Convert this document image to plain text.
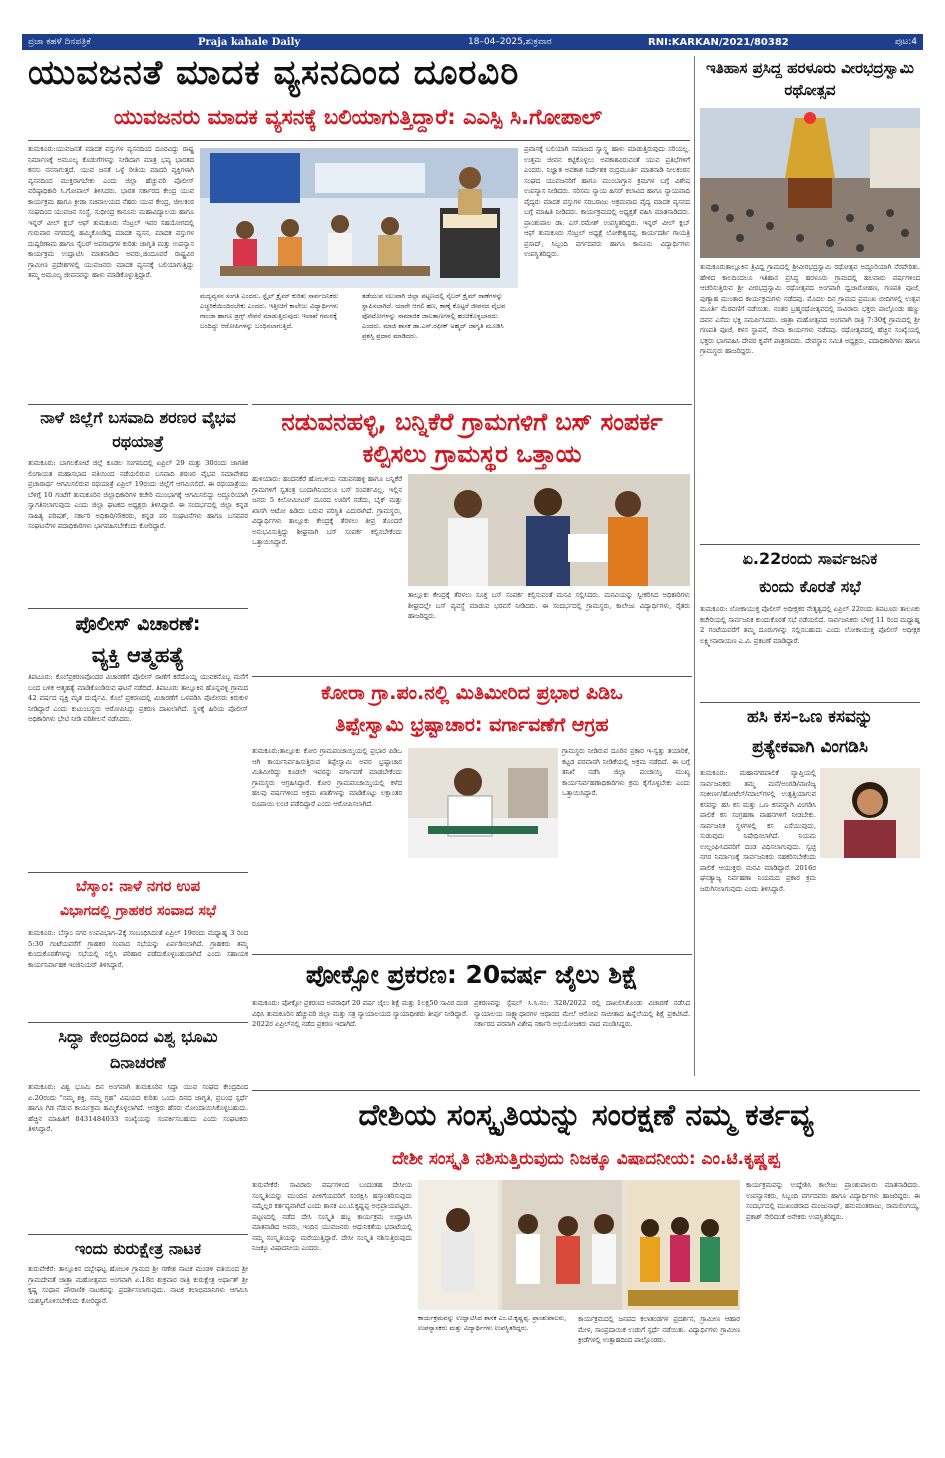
ಪ್ರಜಾ ಕಹಳೆ ದಿನಪತ್ರಿಕೆ	Praja kahale Daily	18–04–2025,ಶುಕ್ರವಾರ	RNI:KARKAN/2021/80382	ಪುಟ:4
ಯುವಜನತೆ ಮಾದಕ ವ್ಯಸನದಿಂದ ದೂರವಿರಿ
ಯುವಜನರು ಮಾದಕ ವ್ಯಸನಕ್ಕೆ ಬಲಿಯಾಗುತ್ತಿದ್ದಾರೆ: ಎಎಸ್ಪಿ ಸಿ.ಗೋಪಾಲ್
ತುಮಕೂರು:ಯುವಜನತೆ ಮಾದಕ ವಸ್ತುಗಳ ವ್ಯಸನದಿಂದ ದೂರವಿದ್ದು ರಾಷ್ಟ್ರ ನಿರ್ಮಾಣಕ್ಕೆ ಅಮೂಲ್ಯ ಕೊಡುಗೆಗಳನ್ನು ನೀಡಿದಾಗ ಮಾತ್ರ ಭವ್ಯ ಭಾರತದ ಕನಸು ನನಸಾಗುತ್ತದೆ. ಯುವ ಜನತೆ ಒಳ್ಳೆ ರೀತಿಯ ಮಾದರಿ ವ್ಯಕ್ತಿಗಳಾಗಿ ವ್ಯಸನದಿಂದ ಮುಕ್ತರಾಗಬೇಕು ಎಂದು ಜಿಲ್ಲಾ ಹೆಚ್ಚುವರಿ ಪೊಲೀಸ್ ವರಿಷ್ಠಾಧಿಕಾರಿ ಸಿ.ಗೋಪಾಲ್ ತಿಳಿಸಿದರು. ಭಾರತ ಸರ್ಕಾರದ ಕೇಂದ್ರ ಯುವ ಕಾರ್ಯಕ್ರಮ ಹಾಗೂ ಕ್ರೀಡಾ ಸಚಿವಾಲಯದ ನೆಹರು ಯುವ ಕೇಂದ್ರ, ಜೀಲಕಂಠ ಸಂಘದಿಂದ ಯುವಜನ ಸಂಸ್ಥೆ, ಸುಧೀಂದ್ರ ಕಾನೂನು ಮಹಾವಿದ್ಯಾಲಯ ಹಾಗೂ ಇನ್ನರ್ ವೀಲ್ ಕ್ಲಬ್ ಆಫ್ ತುಮಕೂರು ಸೆಂಟ್ರಲ್ ಇವರ ಸಹಯೋಗದಲ್ಲಿ ಗುರುವಾರ ನಗರದಲ್ಲಿ ಹಮ್ಮಿಕೊಂಡಿದ್ದ ಮಾದಕ ವ್ಯಸನ, ಮಾದಕ ವಸ್ತುಗಳ ದುಷ್ಪರಿಣಾಮ ಹಾಗೂ ಸೈಬರ್ ಅಪರಾಧಗಳ ಕುರಿತು ಜಾಗೃತಿ ಮತ್ತು ಉಪನ್ಯಾಸ ಕಾರ್ಯಕ್ರಮ ಉದ್ಘಾಟಿಸಿ ಮಾತನಾಡಿದ ಅವರು,ಜಿಂದೂವರೆ ರಾಷ್ಟ್ರವಿರ ಗ್ರಾಮೀಣ ಪ್ರದೇಶಗಳಲ್ಲಿ ಯುವಜನರು ಮಾದಕ ವ್ಯಸನಕ್ಕೆ ಬಲಿಯಾಗುತ್ತಿದ್ದು ತಮ್ಮ ಅಮೂಲ್ಯ ಜೀವನವನ್ನು ಹಾಳು ಮಾಡಿಕೊಳ್ಳುತ್ತಿದ್ದಾರೆ.
ಮದ್ಯವ್ಯಸನ ಸಂಗತಿ ಎಂದರು. ಸ್ಟೈಲ್ ಕ್ರೈಮ್ ಕುರಿತು ಸಾರ್ವಜನಿಕರು ಎಚ್ಚರಿಕೆಯಿಂದಿರಬೇಕು ಎಂದರು. ಇತ್ತೀಚಿಗೆ ಕಾಲೇಜು ವಿದ್ಯಾರ್ಥಿಗಳು ಗಾಂಜಾ ಹಾಗೂ ಡ್ರಗ್ಸ್ ಸೇವನೆ ಮಾಡುತ್ತಿರುವುದು ಇಲಾಖೆ ಗಮನಕ್ಕೆ ಬಂದಿದ್ದು ಆರೋಪಿಗಳನ್ನು ಬಂಧಿಸಲಾಗುತ್ತಿದೆ.
ತಡೆಯುವ ಸಲುವಾಗಿ ಜಿಲ್ಲಾ ಪಟ್ಟಣದಲ್ಲಿ ಸೈಬರ್ ಕ್ರೈಮ್ ಠಾಣೆಗಳನ್ನು ಸ್ಥಾಪಿಸಲಾಗಿದೆ. ಯಾರೇ ಆಗಲಿ ಹಣ, ಕಾಣ್ಕೆ ಕೊಟ್ಟರೆ ಜೀವನದ ವೈಭವ ಫೋಟೋಗಳನ್ನು ಸಾಮಾಜಿಕ ಜಾಲತಾಣಗಳಲ್ಲಿ ಹಂಚಿಕೊಳ್ಳಬಾರದು ಎಂದರು. ಮಾಜಿ ಶಾಸಕ ಡಾ.ಎಸ್.ರಫೀಕ್ ಅಹ್ಮದ್ ಜಾಗೃತಿ ಮೂಡಿಸಿ ಪ್ರಶಸ್ತಿ ಪ್ರದಾನ ಮಾಡಿದರು.
ಪ್ರವಾಸಕ್ಕೆ ಬಲಿಯಾಗಿ ಸಮಾಜದ ಸ್ವಾಸ್ಥ್ಯ ಹಾಳು ಮಾಡುತ್ತಿರುವುದು ಸರಿಯಲ್ಲ. ಉತ್ತಮ ಜೀವನ ಕಟ್ಟಿಕೊಳ್ಳಲು ಅವಕಾಶವಿರುವಂತೆ ಯುವ ಪ್ರತಿಭೆಗಳಿಗೆ ಎಂದರು. ನಿಜ್ಞಾತ ಅವಕಾಶ ನಿರ್ದೇಶಕ ರುದ್ರಮೂರ್ತಿ ಮಾತನಾಡಿ ನೀಲಕಂಠನ ಸಂಘದ ಯುವಜನರಿಗೆ ಹಾಗೂ ಮುಂಬಾಗ್ತಾನ ಕ್ರಮಗಳ ಬಗ್ಗೆ ವಿಶೇಷ ಉಪನ್ಯಾಸ ನೀಡಿದರು. ಸರಿಸಮ ನ್ಯಾಯ ಹಿಸರ್ ಕಲಾವಿದ ಹಾಗೂ ನ್ಯಾಯವಾದಿ ವೈದ್ಯರು ಮಾದಕ ವಸ್ತುಗಳ ಸರಬರಾಜು ಅಕ್ರಮವಾದ ವೈದ್ಯ ಮಾದಕ ವ್ಯಸನದ ಬಗ್ಗೆ ಮಾಹಿತಿ ನೀಡಿದರು. ಕಾರ್ಯಕ್ರಮದಲ್ಲಿ ಅಧ್ಯಕ್ಷತೆ ವಹಿಸಿ ಮಾತನಾಡಿದರು. ಪ್ರಾಂಶುಪಾಲ ಡಾ. ಎಸ್.ರಮೇಶ್ ಉಪಸ್ಥಿತರಿದ್ದರು. ಇನ್ನರ್ ವೀಲ್ ಕ್ಲಬ್ ಆಫ್ ತುಮಕೂರು ಸೆಂಟ್ರಲ್ ಅಧ್ಯಕ್ಷೆ ಲೋಕೇಶ್ವರಪ್ಪ, ಕಾರ್ಯದರ್ಶಿ ಗಾಯತ್ರಿ ಪ್ರಸಾದ್, ಸಿಬ್ಬಂದಿ ವರ್ಗದವರು ಹಾಗೂ ಕಾನೂನು ವಿದ್ಯಾರ್ಥಿಗಳು ಉಪಸ್ಥಿತರಿದ್ದರು.
ಇತಿಹಾಸ ಪ್ರಸಿದ್ದ ಹರಳೂರು ವೀರಭದ್ರಸ್ವಾಮಿ ರಥೋತ್ಸವ
ತುಮಕೂರುತಾಲ್ಲೂಕಿನ ತ್ರಿವಿಧ್ದ ಗ್ರಾಮದಲ್ಲಿ ಶ್ರೀವೀರಭದ್ರಸ್ವಾಮಿ ರಥೋತ್ಸವ ಅದ್ದೂರಿಯಾಗಿ ನೆರವೇರಿತು. ಹೇಳಿದ ಕಾಲದಿಂದಲೂ ಇತಿಹಾಸ ಪ್ರಸಿದ್ಧ ಹರಳೂರು ಗ್ರಾಮದಲ್ಲಿ ಹಲವಾರು ವರ್ಷಗಳಿಂದ ಆಚರಿಸುತ್ತಿರುವ ಶ್ರೀ ವೀರಭದ್ರಸ್ವಾಮಿ ರಥೋತ್ಸವದ ಅಂಗವಾಗಿ ಧ್ವಜಾರೋಹಣ, ಗಣಪತಿ ಪೂಜೆ, ಪುಣ್ಯಾಹ ಮುಂತಾದ ಕಾರ್ಯಕ್ರಮಗಳು ನಡೆದವು. ಮೊದಲ ದಿನ ಗ್ರಾಮದ ಪ್ರಮುಖ ಬೀದಿಗಳಲ್ಲಿ ಉತ್ಸವ ಮೂರ್ತಿ ಮೆರವಣಿಗೆ ನಡೆಯಿತು. ನಂತರ ಬ್ರಹ್ಮರಥೋತ್ಸವದಲ್ಲಿ ಸಾವಿರಾರು ಭಕ್ತರು ಪಾಲ್ಗೊಂಡು ಹಣ್ಣು ದವನ ಎಸೆದು ಭಕ್ತಿ ಸಮರ್ಪಿಸಿದರು. ಜಾತ್ರಾ ಮಹೋತ್ಸವದ ಅಂಗವಾಗಿ ರಾತ್ರಿ 7:30ಕ್ಕೆ ಗ್ರಾಮದಲ್ಲಿ ಶ್ರೀ ಗಣಪತಿ ಪೂಜೆ, ಕಳಸ ಸ್ಥಾಪನೆ, ಸೇವಾ ಕಾರ್ಯಗಳು ನಡೆದವು. ರಥೋತ್ಸವದಲ್ಲಿ ಹೆಚ್ಚಿನ ಸಂಖ್ಯೆಯಲ್ಲಿ ಭಕ್ತರು ಭಾಗವಹಿಸಿ ದೇವರ ಕೃಪೆಗೆ ಪಾತ್ರರಾದರು. ದೇವಸ್ಥಾನ ಸಮಿತಿ ಅಧ್ಯಕ್ಷರು, ಪದಾಧಿಕಾರಿಗಳು ಹಾಗೂ ಗ್ರಾಮಸ್ಥರು ಹಾಜರಿದ್ದರು.
ನಾಳೆ ಜಿಲ್ಲೆಗೆ ಬಸವಾದಿ ಶರಣರ ವೈಭವ ರಥಯಾತ್ರೆ
ತುಮಕೂರು: ಬಾಗಲಕೋಟೆ ಜಿಲ್ಲೆ ಕೂಡಲ ಸಂಗಮದಲ್ಲಿ ಏಪ್ರಿಲ್ 29 ಮತ್ತು 30ರಂದು ಜಾಗತಿಕ ಲಿಂಗಾಯತ ಮಹಾಸಭಾದ ವತಿಯಿಂದ ನಡೆಯಲಿರುವ ಬಸವಾದಿ ಶರಣರ ವೈಭವ ಸಮಾವೇಶದ ಪ್ರಚಾರಾರ್ಥ ಆಗಮಿಸಲಿರುವ ರಥಯಾತ್ರೆ ಏಪ್ರಿಲ್ 19ರಂದು ಜಿಲ್ಲೆಗೆ ಆಗಮಿಸಲಿದೆ. ಈ ರಥಯಾತ್ರೆಯು ಬೆಳಿಗ್ಗೆ 10 ಗಂಟೆಗೆ ತುಮಕೂರಿನ ಜಿಲ್ಲಾಧಿಕಾರಿಗಳ ಕಚೇರಿ ಮುಂಭಾಗಕ್ಕೆ ಆಗಮಿಸಲಿದ್ದು ಅದ್ದೂರಿಯಾಗಿ ಸ್ವಾಗತಿಸಲಾಗುವುದು ಎಂದು ಜಿಲ್ಲಾ ಘಟಕದ ಅಧ್ಯಕ್ಷರು ತಿಳಿಸಿದ್ದಾರೆ. ಈ ಸಂದರ್ಭದಲ್ಲಿ ಜಿಲ್ಲಾ ಕನ್ನಡ ಸಾಹಿತ್ಯ ಪರಿಷತ್, ಸರ್ಕಾರಿ ಅಧಿಕಾರಿ/ನೌಕರರು, ಕನ್ನಡ ಪರ ಸಂಘಟನೆಗಳು ಹಾಗೂ ಬಸವಪರ ಸಂಘಟನೆಗಳ ಪದಾಧಿಕಾರಿಗಳು ಭಾಗವಹಿಸಬೇಕೆಂದು ಕೋರಿದ್ದಾರೆ.
ನಡುವನಹಳ್ಳಿ, ಬನ್ನಿಕೆರೆ ಗ್ರಾಮಗಳಿಗೆ ಬಸ್ ಸಂಪರ್ಕ ಕಲ್ಪಿಸಲು ಗ್ರಾಮಸ್ಥರ ಒತ್ತಾಯ
ಹುಳಿಯಾರು: ಹಂದನಕೆರೆ ಹೋಬಳಿಯ ನಡುವನಹಳ್ಳಿ ಹಾಗೂ ಬನ್ನಿಕೆರೆ ಗ್ರಾಮಗಳಿಗೆ ಸ್ವತಂತ್ರ ಬಂದಾಗಿನಿಂದಲೂ ಬಸ್ ಸಂಪರ್ಕವಿಲ್ಲ. ಇಲ್ಲಿನ ಜನರು 5 ಕಿಲೋಮೀಟರ್ ದೂರದ ಊರಿಗೆ ನಡೆದು, ಬೈಕ್ ಮತ್ತು ಖಾಸಗಿ ಆಟೋ ಹಿಡಿದು ಬರುವ ಪರಿಸ್ಥಿತಿ ಎದುರಾಗಿದೆ. ಗ್ರಾಮಸ್ಥರು, ವಿದ್ಯಾರ್ಥಿಗಳು ತಾಲ್ಲೂಕು ಕೇಂದ್ರಕ್ಕೆ ತೆರಳಲು ತೀವ್ರ ತೊಂದರೆ ಅನುಭವಿಸುತ್ತಿದ್ದು ಶೀಘ್ರವಾಗಿ ಬಸ್ ಸಂಪರ್ಕ ಕಲ್ಪಿಸಬೇಕೆಂದು ಒತ್ತಾಯಿಸಿದ್ದಾರೆ.
ತಾಲ್ಲೂಕು ಕೇಂದ್ರಕ್ಕೆ ತೆರಳಲು ಸೂಕ್ತ ಬಸ್ ಸಂಪರ್ಕ ಕಲ್ಪಿಸುವಂತೆ ಮನವಿ ಸಲ್ಲಿಸಿದರು. ಮನವಿಯನ್ನು ಸ್ವೀಕರಿಸಿದ ಅಧಿಕಾರಿಗಳು ಶೀಘ್ರದಲ್ಲೇ ಬಸ್ ವ್ಯವಸ್ಥೆ ಮಾಡುವ ಭರವಸೆ ನೀಡಿದರು. ಈ ಸಂದರ್ಭದಲ್ಲಿ ಗ್ರಾಮಸ್ಥರು, ಕಾಲೇಜು ವಿದ್ಯಾರ್ಥಿಗಳು, ರೈತರು ಹಾಜರಿದ್ದರು.
ಪೊಲೀಸ್ ವಿಚಾರಣೆ:
ವ್ಯಕ್ತಿ ಆತ್ಮಹತ್ಯೆ
ತಿಪಟೂರು: ಕೊಲೆಪ್ರಕರಣವೊಂದರ ವಿಚಾರಣೆಗೆ ಪೊಲೀಸ್ ಠಾಣೆಗೆ ಕರೆದೊಯ್ದ ಯುವಕನೊಬ್ಬ ಮನೆಗೆ ಬಂದ ಬಳಿಕ ಆತ್ಮಹತ್ಯೆ ಮಾಡಿಕೊಂಡಿರುವ ಘಟನೆ ನಡೆದಿದೆ. ತಿಪಟೂರು ತಾಲ್ಲೂಕಿನ ಹೊನ್ನವಳ್ಳಿ ಗ್ರಾಮದ 42 ವರ್ಷದ ವ್ಯಕ್ತಿ ಮೃತ ದುರ್ದೈವಿ. ಕೊಲೆ ಪ್ರಕರಣದಲ್ಲಿ ವಿಚಾರಣೆಗೆ ಒಳಪಡಿಸಿ ಪೊಲೀಸರು ಕಿರುಕುಳ ನೀಡಿದ್ದಾರೆ ಎಂದು ಕುಟುಂಬಸ್ಥರು ಆರೋಪಿಸಿದ್ದು ಪ್ರಕರಣ ದಾಖಲಾಗಿದೆ. ಸ್ಥಳಕ್ಕೆ ಹಿರಿಯ ಪೊಲೀಸ್ ಅಧಿಕಾರಿಗಳು ಭೇಟಿ ನೀಡಿ ಪರಿಶೀಲನೆ ನಡೆಸಿದರು.
ಕೋರಾ ಗ್ರಾ.ಪಂ.ನಲ್ಲಿ ಮಿತಿಮೀರಿದ ಪ್ರಭಾರ ಪಿಡಿಒ
ತಿಪ್ಪೇಸ್ವಾಮಿ ಭ್ರಷ್ಟಾಚಾರ: ವರ್ಗಾವಣೆಗೆ ಆಗ್ರಹ
ತುಮಕೂರು:ತಾಲ್ಲೂಕು ಕೋರ ಗ್ರಾಮಪಂಚಾಯ್ತಿಯಲ್ಲಿ ಪ್ರಭಾರ ಪಿಡಿಒ ಆಗಿ ಕಾರ್ಯನಿರ್ವಹಿಸುತ್ತಿರುವ ತಿಪ್ಪೇಸ್ವಾಮಿ ಅವರ ಭ್ರಷ್ಟಾಚಾರ ಮಿತಿಮೀರಿದ್ದು ಕೂಡಲೇ ಇವರನ್ನು ವರ್ಗಾವಣೆ ಮಾಡಬೇಕೆಂದು ಗ್ರಾಮಸ್ಥರು ಆಗ್ರಹಿಸಿದ್ದಾರೆ. ಕೋರ ಗ್ರಾಮಪಂಚಾಯ್ತಿಯಲ್ಲಿ ಕಳೆದ ಹಲವು ವರ್ಷಗಳಿಂದ ಅಕ್ರಮ ಖಾತೆಗಳನ್ನು ಮಾಡಿಕೊಟ್ಟು ಲಕ್ಷಾಂತರ ರೂಪಾಯಿ ಲಂಚ ಪಡೆದಿದ್ದಾರೆ ಎಂದು ಆರೋಪಿಸಲಾಗಿದೆ.
ಗ್ರಾಮಸ್ಥರು ನೀಡಿರುವ ದೂರಿನ ಪ್ರಕಾರ ಇ-ಸ್ವತ್ತು ತಯಾರಿಕೆ, ಕಟ್ಟಡ ಪರವಾನಗಿ ನೀಡಿಕೆಯಲ್ಲಿ ಅಕ್ರಮ ನಡೆದಿದೆ. ಈ ಬಗ್ಗೆ ತನಿಖೆ ನಡೆಸಿ ಜಿಲ್ಲಾ ಪಂಚಾಯ್ತಿ ಮುಖ್ಯ ಕಾರ್ಯನಿರ್ವಹಣಾಧಿಕಾರಿಗಳು ಕ್ರಮ ಕೈಗೊಳ್ಳಬೇಕು ಎಂದು ಒತ್ತಾಯಿಸಿದ್ದಾರೆ.
ಏ.22ರಂದು ಸಾರ್ವಜನಿಕ
ಕುಂದು ಕೊರತೆ ಸಭೆ
ತುಮಕೂರು: ಲೋಕಾಯುಕ್ತ ಪೊಲೀಸ್ ಅಧೀಕ್ಷಕರ ನೇತೃತ್ವದಲ್ಲಿ ಏಪ್ರಿಲ್ 22ರಂದು ತಿಪಟೂರು ತಾಲೂಕು ಕಚೇರಿಯಲ್ಲಿ ಸಾರ್ವಜನಿಕ ಕುಂದುಕೊರತೆ ಸಭೆ ನಡೆಯಲಿದೆ. ಸಾರ್ವಜನಿಕರು ಬೆಳಿಗ್ಗೆ 11 ರಿಂದ ಮಧ್ಯಾಹ್ನ 2 ಗಂಟೆಯವರೆಗೆ ತಮ್ಮ ದೂರುಗಳನ್ನು ಸಲ್ಲಿಸಬಹುದು ಎಂದು ಲೋಕಾಯುಕ್ತ ಪೊಲೀಸ್ ಅಧೀಕ್ಷಕ ಲಕ್ಷ್ಮೀನಾರಾಯಣ ಎ.ವಿ. ಪ್ರಕಟಣೆ ಮಾಡಿದ್ದಾರೆ.
ಹಸಿ ಕಸ–ಒಣ ಕಸವನ್ನು
ಪ್ರತ್ಯೇಕವಾಗಿ ವಿಂಗಡಿಸಿ
ತುಮಕೂರು: ಮಹಾನಗರಪಾಲಿಕೆ ವ್ಯಾಪ್ತಿಯಲ್ಲಿ ಸಾರ್ವಜನಿಕರು ತಮ್ಮ ಮನೆ/ಅಂಗಡಿ/ವಾಣಿಜ್ಯ ಸಂಕೀರ್ಣ/ಹೋಟೆಲ್/ಮಾಲ್‌ಗಳಲ್ಲಿ ಉತ್ಪತ್ತಿಯಾಗುವ ಕಸವನ್ನು ಹಸಿ ಕಸ ಮತ್ತು ಒಣ ಕಸವನ್ನಾಗಿ ವಿಂಗಡಿಸಿ ಪಾಲಿಕೆ ಕಸ ಸಂಗ್ರಹಣಾ ವಾಹನಗಳಿಗೆ ನೀಡಬೇಕು. ಸಾರ್ವಜನಿಕ ಸ್ಥಳಗಳಲ್ಲಿ ಕಸ ಎಸೆಯುವುದು, ಸುಡುವುದು ನಿಷೇಧಿಸಲಾಗಿದೆ. ನಿಯಮ ಉಲ್ಲಂಘಿಸಿದವರಿಗೆ ದಂಡ ವಿಧಿಸಲಾಗುವುದು. ಸ್ವಚ್ಛ ನಗರ ನಿರ್ಮಾಣಕ್ಕೆ ಸಾರ್ವಜನಿಕರು ಸಹಕರಿಸಬೇಕೆಂದು ಪಾಲಿಕೆ ಆಯುಕ್ತರು ಮನವಿ ಮಾಡಿದ್ದಾರೆ. 2016ರ ಘನತ್ಯಾಜ್ಯ ನಿರ್ವಹಣಾ ನಿಯಮದ ಪ್ರಕಾರ ಕ್ರಮ ಜರುಗಿಸಲಾಗುವುದು ಎಂದು ತಿಳಿಸಿದ್ದಾರೆ.
ಬೆಸ್ಕಾಂ: ನಾಳೆ ನಗರ ಉಪ
ವಿಭಾಗದಲ್ಲಿ ಗ್ರಾಹಕರ ಸಂವಾದ ಸಭೆ
ತುಮಕೂರು: ಬೆಸ್ಕಾಂ ನಗರ ಉಪವಿಭಾಗ–2ಕ್ಕೆ ಸಂಬಂಧಿಸಿದಂತೆ ಏಪ್ರಿಲ್ 19ರಂದು ಮಧ್ಯಾಹ್ನ 3 ರಿಂದ 5:30 ಗಂಟೆಯವರೆಗೆ ಗ್ರಾಹಕರ ಸಂವಾದ ಸಭೆಯನ್ನು ಏರ್ಪಡಿಸಲಾಗಿದೆ. ಗ್ರಾಹಕರು ತಮ್ಮ ಕುಂದುಕೊರತೆಗಳನ್ನು ಸಭೆಯಲ್ಲಿ ಸಲ್ಲಿಸಿ ಪರಿಹಾರ ಪಡೆದುಕೊಳ್ಳಬಹುದಾಗಿದೆ ಎಂದು ಸಹಾಯಕ ಕಾರ್ಯನಿರ್ವಾಹಕ ಇಂಜಿನಿಯರ್ ತಿಳಿಸಿದ್ದಾರೆ.	ಪೋಕ್ಸೋ ಪ್ರಕರಣ: 20ವರ್ಷ ಜೈಲು ಶಿಕ್ಷೆ
ತುಮಕೂರು: ಪೋಕ್ಸೋ ಪ್ರಕರಣದ ಅಪರಾಧಿಗೆ 20 ವರ್ಷ ಜೈಲು ಶಿಕ್ಷೆ ಮತ್ತು 1ಲಕ್ಷ50 ಸಾವಿರ ದಂಡ ವಿಧಿಸಿ ತುಮಕೂರಿನ ಹೆಚ್ಚುವರಿ ಜಿಲ್ಲಾ ಮತ್ತು ಸತ್ರ ನ್ಯಾಯಾಲಯದ ನ್ಯಾಯಾಧೀಶರು ತೀರ್ಪು ನೀಡಿದ್ದಾರೆ. 2022ರ ಏಪ್ರಿಲ್‌ನಲ್ಲಿ ನಡೆದ ಪ್ರಕರಣ ಇದಾಗಿದೆ.
ಪ್ರಕರಣವನ್ನು ಸ್ಪೆಷಲ್ ಸಿ.ಸಿ.ನಂ: 328/2022 ರಲ್ಲಿ ದಾಖಲಿಸಿಕೊಂಡು ವಿಚಾರಣೆ ನಡೆಸಿದ ನ್ಯಾಯಾಲಯ ಸಾಕ್ಷ್ಯಾಧಾರಗಳ ಆಧಾರದ ಮೇಲೆ ಆರೋಪ ಸಾಬೀತಾದ ಹಿನ್ನೆಲೆಯಲ್ಲಿ ಶಿಕ್ಷೆ ಪ್ರಕಟಿಸಿದೆ. ಸರ್ಕಾರದ ಪರವಾಗಿ ವಿಶೇಷ ಸರ್ಕಾರಿ ಅಭಿಯೋಜಕರು ವಾದ ಮಂಡಿಸಿದ್ದರು.
ಸಿದ್ಧಾ ಕೇಂದ್ರದಿಂದ ವಿಶ್ವ ಭೂಮಿ ದಿನಾಚರಣೆ
ತುಮಕೂರು: ವಿಶ್ವ ಭೂಮಿ ದಿನ ಅಂಗವಾಗಿ ತುಮಕೂರಿನ ಸಿದ್ಧಾ ಯುವ ಸಂಘದ ಕೇಂದ್ರದಿಂದ ಏ.20ರಂದು "ನಮ್ಮ ಶಕ್ತಿ, ನಮ್ಮ ಗ್ರಹ" ವಿಷಯದ ಕುರಿತು ಒಂದು ದಿನದ ಜಾಗೃತಿ, ಪ್ರಬಂಧ ಸ್ಪರ್ಧೆ ಹಾಗೂ ಗಿಡ ನೆಡುವ ಕಾರ್ಯಕ್ರಮ ಹಮ್ಮಿಕೊಳ್ಳಲಾಗಿದೆ. ಆಸಕ್ತರು ಹೆಸರು ನೋಂದಾಯಿಸಿಕೊಳ್ಳಬಹುದು. ಹೆಚ್ಚಿನ ಮಾಹಿತಿಗೆ 8431484033 ಸಂಖ್ಯೆಯನ್ನು ಸಂಪರ್ಕಿಸಬಹುದು ಎಂದು ಸಂಘಟಕರು ತಿಳಿಸಿದ್ದಾರೆ.	ದೇಶಿಯ ಸಂಸ್ಕೃತಿಯನ್ನು ಸಂರಕ್ಷಣೆ ನಮ್ಮ ಕರ್ತವ್ಯ
ದೇಶೀ ಸಂಸ್ಕೃತಿ ನಶಿಸುತ್ತಿರುವುದು ನಿಜಕ್ಕೂ ವಿಷಾದನೀಯ: ಎಂ.ಟಿ.ಕೃಷ್ಣಪ್ಪ
ತುರುವೇಕೆರೆ: ಸಾವಿರಾರು ವರ್ಷಗಳಿಂದ ಬಂದಂತಹ ದೇಸೀಯ ಸಂಸ್ಕೃತಿಯನ್ನು ಮುಂದಿನ ಪೀಳಿಗೆಯವರಿಗೆ ಸಂರಕ್ಷಿಸಿ ಹಸ್ತಾಂತರಿಸುವುದು ನಮ್ಮೆಲ್ಲರ ಕರ್ತವ್ಯವಾಗಿದೆ ಎಂದು ಶಾಸಕ ಎಂ.ಟಿ.ಕೃಷ್ಣಪ್ಪ ಅಭಿಪ್ರಾಯಪಟ್ಟರು. ಪಟ್ಟಣದಲ್ಲಿ ನಡೆದ ದೇಸಿ ಸಂಸ್ಕೃತಿ ಹಬ್ಬ ಕಾರ್ಯಕ್ರಮ ಉದ್ಘಾಟಿಸಿ ಮಾತನಾಡಿದ ಅವರು, ಇಂದಿನ ಯುವಜನರು ಆಧುನಿಕತೆಯ ಭರಾಟೆಯಲ್ಲಿ ನಮ್ಮ ಸಂಸ್ಕೃತಿಯನ್ನು ಮರೆಯುತ್ತಿದ್ದಾರೆ. ದೇಸೀ ಸಂಸ್ಕೃತಿ ನಶಿಸುತ್ತಿರುವುದು ನಿಜಕ್ಕೂ ವಿಷಾದನೀಯ ಎಂದರು.
ಕಾರ್ಯಕ್ರಮವನ್ನು ಉದ್ಘಾಟಿಸಿದ ಶಾಸಕ ಎಂ.ಟಿ.ಕೃಷ್ಣಪ್ಪ. ಪ್ರಾಂಶುಪಾಲರು, ಉಪನ್ಯಾಸಕರು ಮತ್ತು ವಿದ್ಯಾರ್ಥಿಗಳು ಉಪಸ್ಥಿತರಿದ್ದರು.
ಕಾರ್ಯಕ್ರಮದಲ್ಲಿ ಜನಪದ ಕಲಾತಂಡಗಳ ಪ್ರದರ್ಶನ, ಗ್ರಾಮೀಣ ಆಹಾರ ಮೇಳ, ಸಾಂಪ್ರದಾಯಿಕ ಉಡುಗೆ ಸ್ಪರ್ಧೆ ನಡೆಯಿತು. ವಿದ್ಯಾರ್ಥಿಗಳು ಗ್ರಾಮೀಣ ಕ್ರೀಡೆಗಳಲ್ಲಿ ಉತ್ಸಾಹದಿಂದ ಪಾಲ್ಗೊಂಡರು.
ಕಾರ್ಯಕ್ರಮವನ್ನು ಉದ್ದೇಶಿಸಿ ಕಾಲೇಜು ಪ್ರಾಂಶುಪಾಲರು ಮಾತನಾಡಿದರು. ಉಪನ್ಯಾಸಕರು, ಸಿಬ್ಬಂದಿ ವರ್ಗದವರು ಹಾಗೂ ವಿದ್ಯಾರ್ಥಿಗಳು ಹಾಜರಿದ್ದರು. ಈ ಸಂದರ್ಭದಲ್ಲಿ ಮುಖಂಡರಾದ ಮಂಜುನಾಥ್, ಹನುಮಂತರಾಜು, ರಾಮಲಿಂಗಯ್ಯ, ಪ್ರಕಾಶ್ ಸೇರಿದಂತೆ ಅನೇಕರು ಉಪಸ್ಥಿತರಿದ್ದರು.
ಇಂದು ಕುರುಕ್ಷೇತ್ರ ನಾಟಕ
ತುರುವೇಕೆರೆ: ತಾಲ್ಲೂಕಿನ ದಬ್ಬೇಘಟ್ಟ ಹೋಬಳಿ ಗ್ರಾಮದ ಶ್ರೀ ಗಣೇಶ ನಾಟಕ ಮಂಡಳಿ ವತಿಯಿಂದ ಶ್ರೀ ಗ್ರಾಮದೇವತೆ ಜಾತ್ರಾ ಮಹೋತ್ಸವದ ಅಂಗವಾಗಿ ಏ.18ರ ಶುಕ್ರವಾರ ರಾತ್ರಿ ಕುರುಕ್ಷೇತ್ರ ಅರ್ಥಾತ್ ಶ್ರೀ ಕೃಷ್ಣ ಸಂಧಾನ ಪೌರಾಣಿಕ ನಾಟಕವನ್ನು ಪ್ರದರ್ಶಿಸಲಾಗುವುದು. ನಾಟಕ ಕಲಾಭಿಮಾನಿಗಳು ಆಗಮಿಸಿ ಯಶಸ್ವಿಗೊಳಿಸಬೇಕೆಂದು ಕೋರಿದ್ದಾರೆ.
